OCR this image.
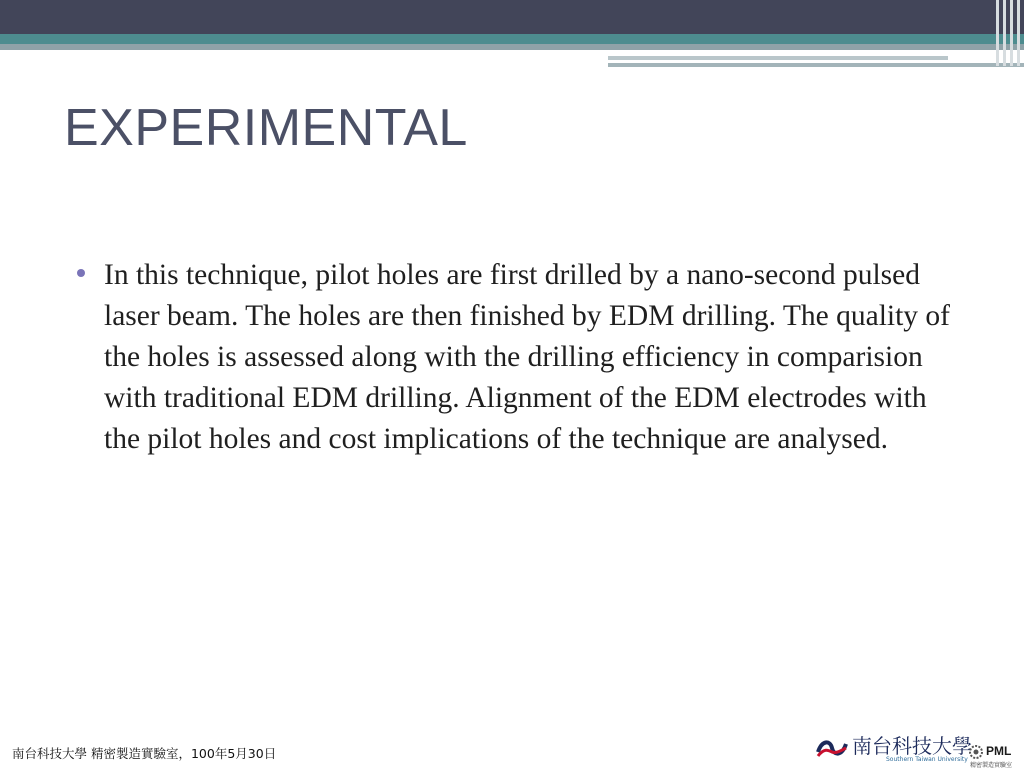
EXPERIMENTAL
In this technique, pilot holes are first drilled by a nano-second pulsed laser beam. The holes are then finished by EDM drilling. The quality of the holes is assessed along with the drilling efficiency in comparision with traditional EDM drilling. Alignment of the EDM electrodes with the pilot holes and cost implications of the technique are analysed.
南台科技大學 精密製造實驗室，100年5月30日	南台科技大學
Southern Taiwan University
PML
精密製造實驗室
